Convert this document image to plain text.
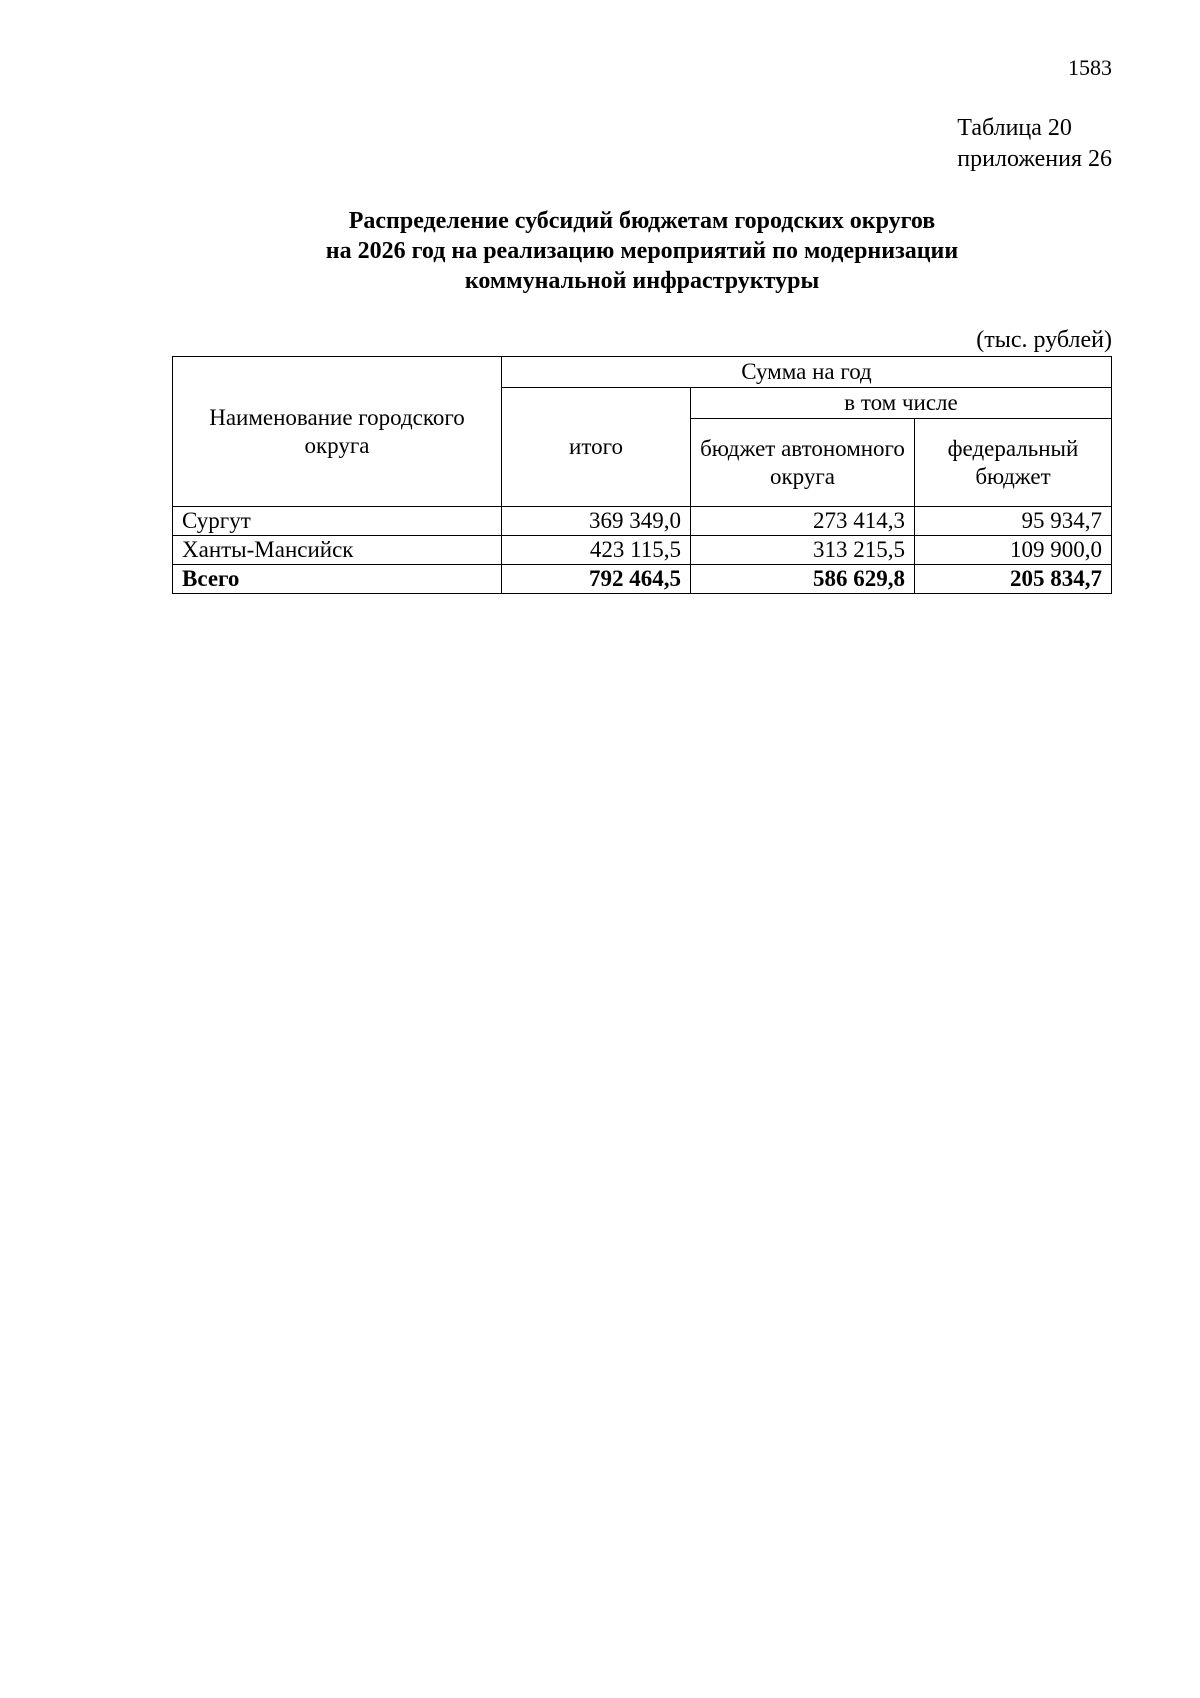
1583
Таблица 20
приложения 26
Распределение субсидий бюджетам городских округов
на 2026 год на реализацию мероприятий по модернизации
коммунальной инфраструктуры
(тыс. рублей)
Наименование городского округа	Сумма на год		
	итого	в том числе	
		бюджет автономного округа	федеральный бюджет
Сургут	369 349,0	273 414,3	95 934,7
Ханты-Мансийск	423 115,5	313 215,5	109 900,0
Всего	792 464,5	586 629,8	205 834,7
